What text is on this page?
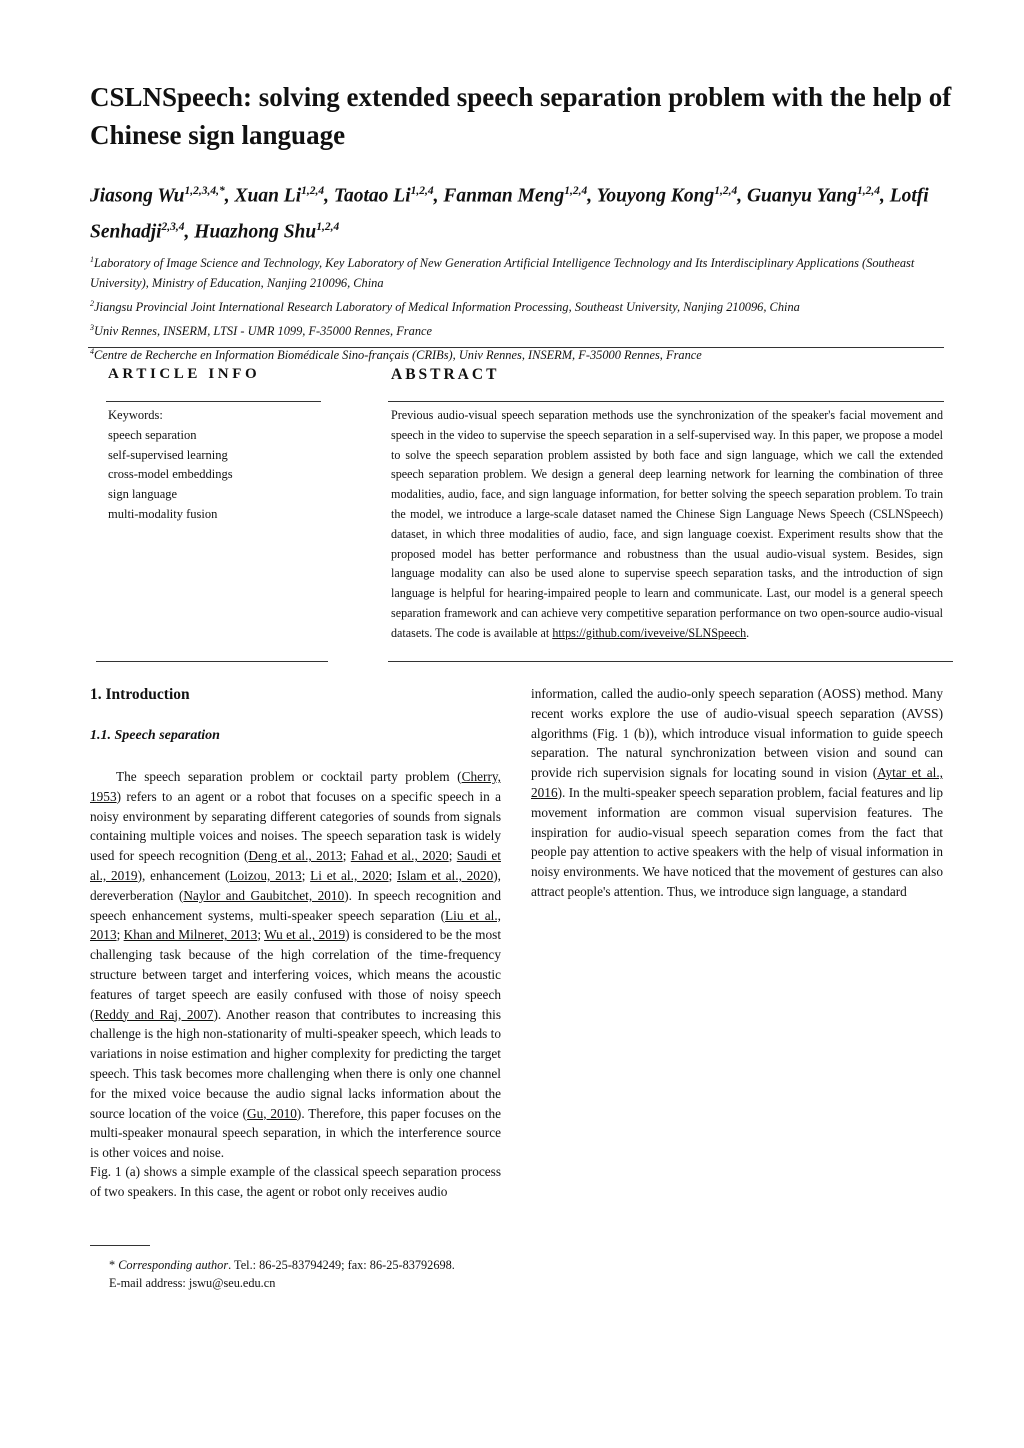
CSLNSpeech: solving extended speech separation problem with the help of Chinese sign language

Jiasong $Wu^{1,2,3,4,*}$, Xuan Li$^{1,2,4}$, Taotao Li$^{1,2,4}$, Fanman Meng$^{1,2,4}$, Youyong Kong$^{1,2,4}$, Guanyu Yang$^{1,2,4}$, Lotfi Senhadji$^{2,3,4}$, Huazhong Shu$^{1,2,4}$

$^1$Laboratory of Image Science and Technology, Key Laboratory of New Generation Artificial Intelligence Technology and Its Interdisciplinary Applications (Southeast University), Ministry of Education, Nanjing 210096, China
$^2$Jiangsu Provincial Joint International Research Laboratory of Medical Information Processing, Southeast University, Nanjing 210096, China
$^3$Univ Rennes, INSERM, LTSI - UMR 1099, F-35000 Rennes, France
$^4$Centre de Recherche en Information Biomédicale Sino-français (CRIBs), Univ Rennes, INSERM, F-35000 Rennes, France
ARTICLE INFO	ABSTRACT
Keywords:
speech separation
self-supervised learning
cross-model embeddings
sign language
multi-modality fusion

Previous audio-visual speech separation methods use the synchronization of the speaker's facial movement and speech in the video to supervise the speech separation in a self-supervised way. In this paper, we propose a model to solve the speech separation problem assisted by both face and sign language, which we call the extended speech separation problem. We design a general deep learning network for learning the combination of three modalities, audio, face, and sign language information, for better solving the speech separation problem. To train the model, we introduce a large-scale dataset named the Chinese Sign Language News Speech (CSLNSpeech) dataset, in which three modalities of audio, face, and sign language coexist. Experiment results show that the proposed model has better performance and robustness than the usual audio-visual system. Besides, sign language modality can also be used alone to supervise speech separation tasks, and the introduction of sign language is helpful for hearing-impaired people to learn and communicate. Last, our model is a general speech separation framework and can achieve very competitive separation performance on two open-source audio-visual datasets. The code is available at https://github.com/iveveive/SLNSpeech.

1. Introduction
1.1. Speech separation

The speech separation problem or cocktail party problem (Cherry, 1953) refers to an agent or a robot that focuses on a specific speech in a noisy environment by separating different categories of sounds from signals containing multiple voices and noises. The speech separation task is widely used for speech recognition (Deng et al., 2013; Fahad et al., 2020; Saudi et al., 2019), enhancement (Loizou, 2013; Li et al., 2020; Islam et al., 2020), dereverberation (Naylor and Gaubitchet, 2010). In speech recognition and speech enhancement systems, multi-speaker speech separation (Liu et al., 2013; Khan and Milneret, 2013; Wu et al., 2019) is considered to be the most challenging task because of the high correlation of the time-frequency structure between target and interfering voices, which means the acoustic features of target speech are easily confused with those of noisy speech (Reddy and Raj, 2007). Another reason that contributes to increasing this challenge is the high non-stationarity of multi-speaker speech, which leads to variations in noise estimation and higher complexity for predicting the target speech. This task becomes more challenging when there is only one channel for the mixed voice because the audio signal lacks information about the source location of the voice (Gu, 2010). Therefore, this paper focuses on the multi-speaker monaural speech separation, in which the interference source is other voices and noise.

Fig. 1 (a) shows a simple example of the classical speech separation process of two speakers. In this case, the agent or robot only receives audio

information, called the audio-only speech separation (AOSS) method. Many recent works explore the use of audio-visual speech separation (AVSS) algorithms (Fig. 1 (b)), which introduce visual information to guide speech separation. The natural synchronization between vision and sound can provide rich supervision signals for locating sound in vision (Aytar et al., 2016). In the multi-speaker speech separation problem, facial features and lip movement information are common visual supervision features. The inspiration for audio-visual speech separation comes from the fact that people pay attention to active speakers with the help of visual information in noisy environments. We have noticed that the movement of gestures can also attract people's attention. Thus, we introduce sign language, a standard

* Corresponding author. Tel.: 86-25-83794249; fax: 86-25-83792698.
E-mail address: jswu@seu.edu.cn
